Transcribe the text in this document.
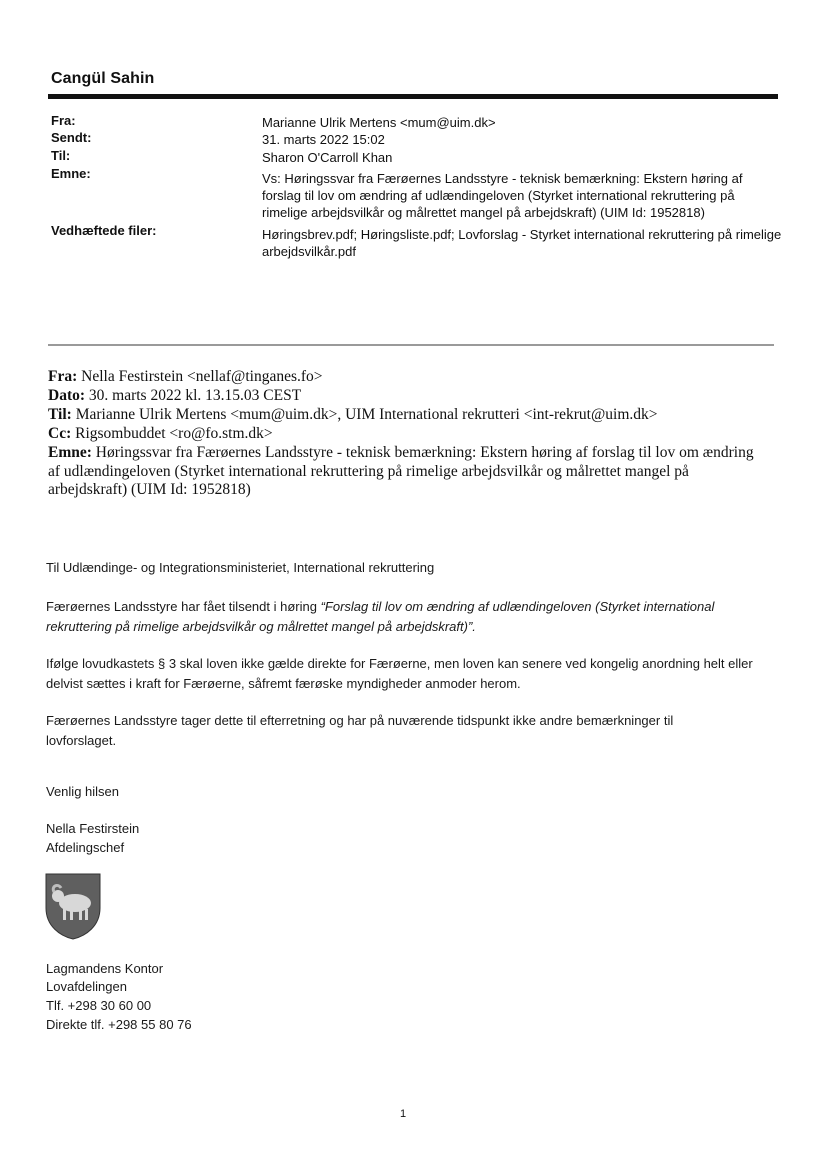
Cangül Sahin
Fra:	Marianne Ulrik Mertens <mum@uim.dk>
Sendt:	31. marts 2022 15:02
Til:	Sharon O'Carroll Khan
Emne:	Vs: Høringssvar fra Færøernes Landsstyre - teknisk bemærkning: Ekstern høring af forslag til lov om ændring af udlændingeloven (Styrket international rekruttering på rimelige arbejdsvilkår og målrettet mangel på arbejdskraft) (UIM Id: 1952818)
Vedhæftede filer:	Høringsbrev.pdf; Høringsliste.pdf; Lovforslag - Styrket international rekruttering på rimelige arbejdsvilkår.pdf
Fra: Nella Festirstein <nellaf@tinganes.fo>
Dato: 30. marts 2022 kl. 13.15.03 CEST
Til: Marianne Ulrik Mertens <mum@uim.dk>, UIM International rekrutteri <int-rekrut@uim.dk>
Cc: Rigsombuddet <ro@fo.stm.dk>
Emne: Høringssvar fra Færøernes Landsstyre - teknisk bemærkning: Ekstern høring af forslag til lov om ændring af udlændingeloven (Styrket international rekruttering på rimelige arbejdsvilkår og målrettet mangel på arbejdskraft) (UIM Id: 1952818)
Til Udlændinge- og Integrationsministeriet, International rekruttering
Færøernes Landsstyre har fået tilsendt i høring “Forslag til lov om ændring af udlændingeloven (Styrket international rekruttering på rimelige arbejdsvilkår og målrettet mangel på arbejdskraft)”.
Ifølge lovudkastets § 3 skal loven ikke gælde direkte for Færøerne, men loven kan senere ved kongelig anordning helt eller delvist sættes i kraft for Færøerne, såfremt færøske myndigheder anmoder herom.
Færøernes Landsstyre tager dette til efterretning og har på nuværende tidspunkt ikke andre bemærkninger til lovforslaget.
Venlig hilsen
Nella Festirstein
Afdelingschef
Lagmandens Kontor
Lovafdelingen
Tlf. +298 30 60 00
Direkte tlf. +298 55 80 76
1
